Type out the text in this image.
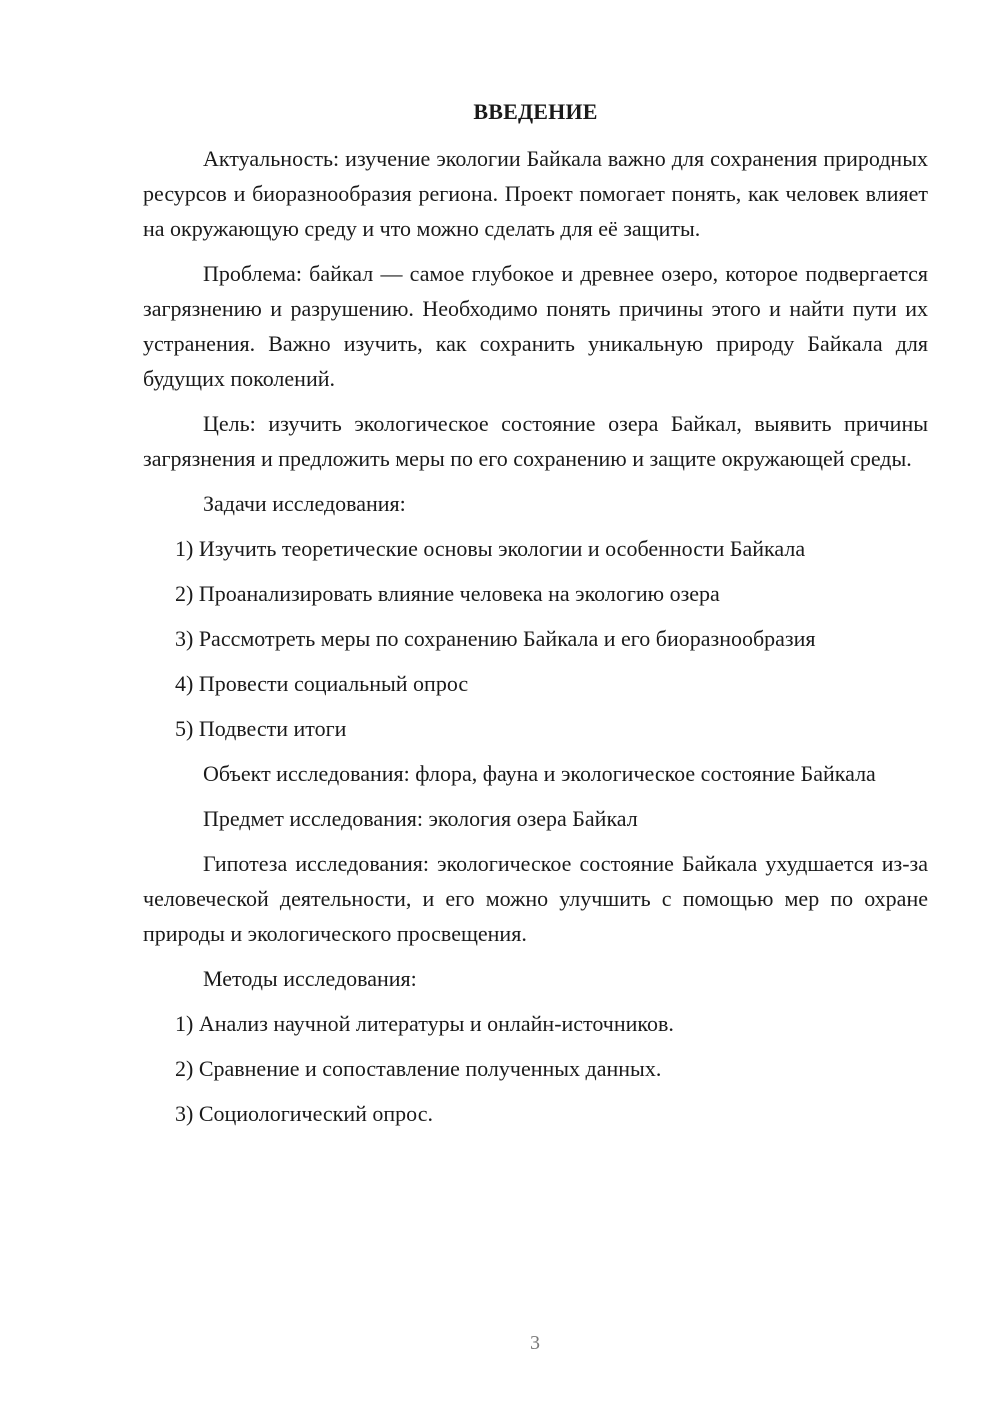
ВВЕДЕНИЕ

Актуальность: изучение экологии Байкала важно для сохранения природных ресурсов и биоразнообразия региона. Проект помогает понять, как человек влияет на окружающую среду и что можно сделать для её защиты.

Проблема: байкал — самое глубокое и древнее озеро, которое подвергается загрязнению и разрушению. Необходимо понять причины этого и найти пути их устранения. Важно изучить, как сохранить уникальную природу Байкала для будущих поколений.

Цель: изучить экологическое состояние озера Байкал, выявить причины загрязнения и предложить меры по его сохранению и защите окружающей среды.

Задачи исследования:

1) Изучить теоретические основы экологии и особенности Байкала
2) Проанализировать влияние человека на экологию озера
3) Рассмотреть меры по сохранению Байкала и его биоразнообразия
4) Провести социальный опрос
5) Подвести итоги

Объект исследования: флора, фауна и экологическое состояние Байкала

Предмет исследования: экология озера Байкал

Гипотеза исследования: экологическое состояние Байкала ухудшается из-за человеческой деятельности, и его можно улучшить с помощью мер по охране природы и экологического просвещения.

Методы исследования:

1) Анализ научной литературы и онлайн-источников.
2) Сравнение и сопоставление полученных данных.
3) Социологический опрос.
3
